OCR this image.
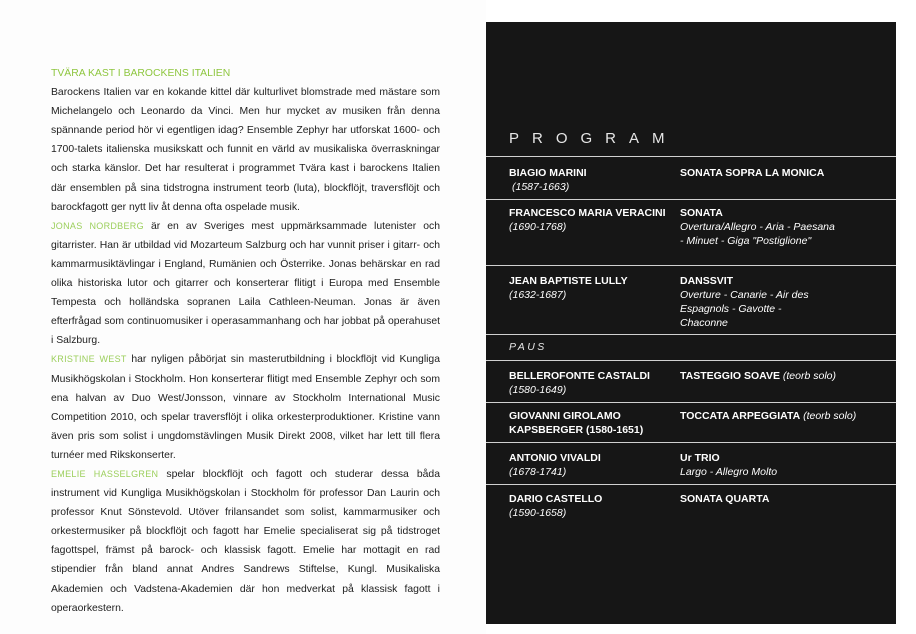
TVÄRA KAST I BAROCKENS ITALIEN

Barockens Italien var en kokande kittel där kulturlivet blomstrade med mästare som Michelangelo och Leonardo da Vinci. Men hur mycket av musiken från denna spännande period hör vi egentligen idag? Ensemble Zephyr har utforskat 1600- och 1700-talets italienska musikskatt och funnit en värld av musikaliska överraskningar och starka känslor. Det har resulterat i programmet Tvära kast i barockens Italien där ensemblen på sina tidstrogna instrument teorb (luta), blockflöjt, traversflöjt och barockfagott ger nytt liv åt denna ofta ospelade musik.

JONAS NORDBERG är en av Sveriges mest uppmärksammade lutenister och gitarrister. Han är utbildad vid Mozarteum Salzburg och har vunnit priser i gitarr- och kammarmusiktävlingar i England, Rumänien och Österrike. Jonas behärskar en rad olika historiska lutor och gitarrer och konserterar flitigt i Europa med Ensemble Tempesta och holländska sopranen Laila Cathleen-Neuman. Jonas är även efterfrågad som continuomusiker i operasammanhang och har jobbat på operahuset i Salzburg.

KRISTINE WEST har nyligen påbörjat sin masterutbildning i blockflöjt vid Kungliga Musikhögskolan i Stockholm. Hon konserterar flitigt med Ensemble Zephyr och som ena halvan av Duo West/Jonsson, vinnare av Stockholm International Music Competition 2010, och spelar traversflöjt i olika orkesterproduktioner. Kristine vann även pris som solist i ungdomstävlingen Musik Direkt 2008, vilket har lett till flera turnéer med Rikskonserter.

EMELIE HASSELGREN spelar blockflöjt och fagott och studerar dessa båda instrument vid Kungliga Musikhögskolan i Stockholm för professor Dan Laurin och professor Knut Sönstevold. Utöver frilansandet som solist, kammarmusiker och orkestermusiker på blockflöjt och fagott har Emelie specialiserat sig på tidstroget fagottspel, främst på barock- och klassisk fagott. Emelie har mottagit en rad stipendier från bland annat Andres Sandrews Stiftelse, Kungl. Musikaliska Akademien och Vadstena-Akademien där hon medverkat på klassisk fagott i operaorkestern.

PROGRAM
BIAGIO MARINI
(1587-1663)
SONATA SOPRA LA MONICA
FRANCESCO MARIA VERACINI
(1690-1768)
SONATA
Overtura/Allegro - Aria - Paesana - Minuet - Giga "Postiglione"
JEAN BAPTISTE LULLY
(1632-1687)
DANSSVIT
Overture - Canarie - Air des Espagnols - Gavotte - Chaconne
PAUS
BELLEROFONTE CASTALDI
(1580-1649)
TASTEGGIO SOAVE (teorb solo)
GIOVANNI GIROLAMO KAPSBERGER (1580-1651)
TOCCATA ARPEGGIATA (teorb solo)
ANTONIO VIVALDI
(1678-1741)
Ur TRIO
Largo - Allegro Molto
DARIO CASTELLO
(1590-1658)
SONATA QUARTA
